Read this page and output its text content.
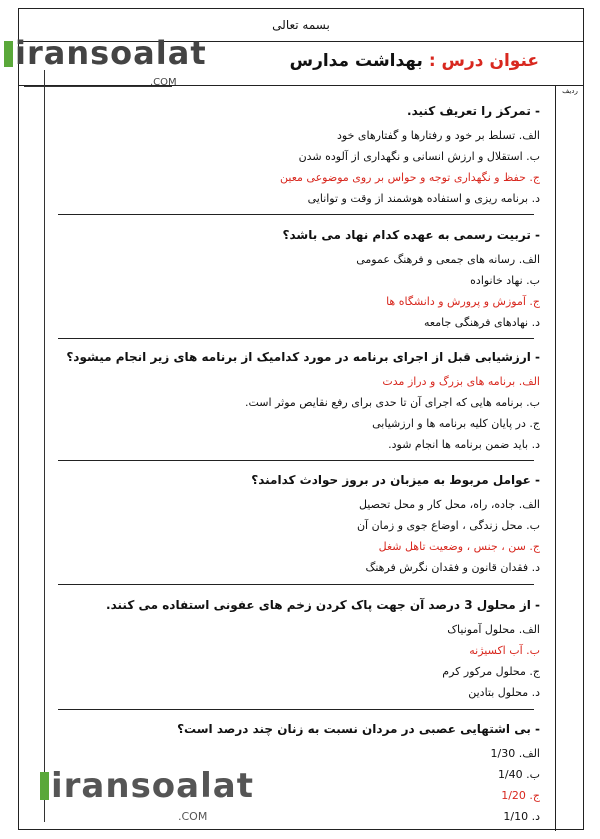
بسمه تعالی
عنوان درس : بهداشت مدارس
ردیف
iransoalat
.COM
- تمرکز را تعریف کنید.
الف. تسلط بر خود و رفتارها و گفتارهای خود
ب. استقلال و ارزش انسانی و نگهداری از آلوده شدن
ج. حفظ و نگهداری توجه و حواس بر روی موضوعی معین
د. برنامه ریزی و استفاده هوشمند از وقت و توانایی
- تربیت رسمی به عهده کدام نهاد می باشد؟
الف. رسانه های جمعی و فرهنگ عمومی
ب. نهاد خانواده
ج. آموزش و پرورش و دانشگاه ها
د. نهادهای فرهنگی جامعه
- ارزشیابی قبل از اجرای برنامه در مورد کدامیک از برنامه های زیر انجام میشود؟
الف. برنامه های بزرگ و دراز مدت
ب. برنامه هایی که اجرای آن تا حدی برای رفع نقایص موثر است.
ج. در پایان کلیه برنامه ها و ارزشیابی
د. باید ضمن برنامه ها انجام شود.
- عوامل مربوط به میزبان در بروز حوادث کدامند؟
الف. جاده، راه، محل کار و محل تحصیل
ب. محل زندگی ، اوضاع جوی و زمان آن
ج. سن ، جنس ، وضعیت تاهل شغل
د. فقدان قانون و فقدان نگرش فرهنگ
- از محلول 3 درصد آن جهت پاک کردن زخم های عفونی استفاده می کنند.
الف. محلول آمونیاک
ب. آب اکسیژنه
ج. محلول مرکور کرم
د. محلول بتادین
- بی اشتهایی عصبی در مردان نسبت به زنان چند درصد است؟
الف. 1/30
ب. 1/40
ج. 1/20
د. 1/10
iransoalat
.COM
